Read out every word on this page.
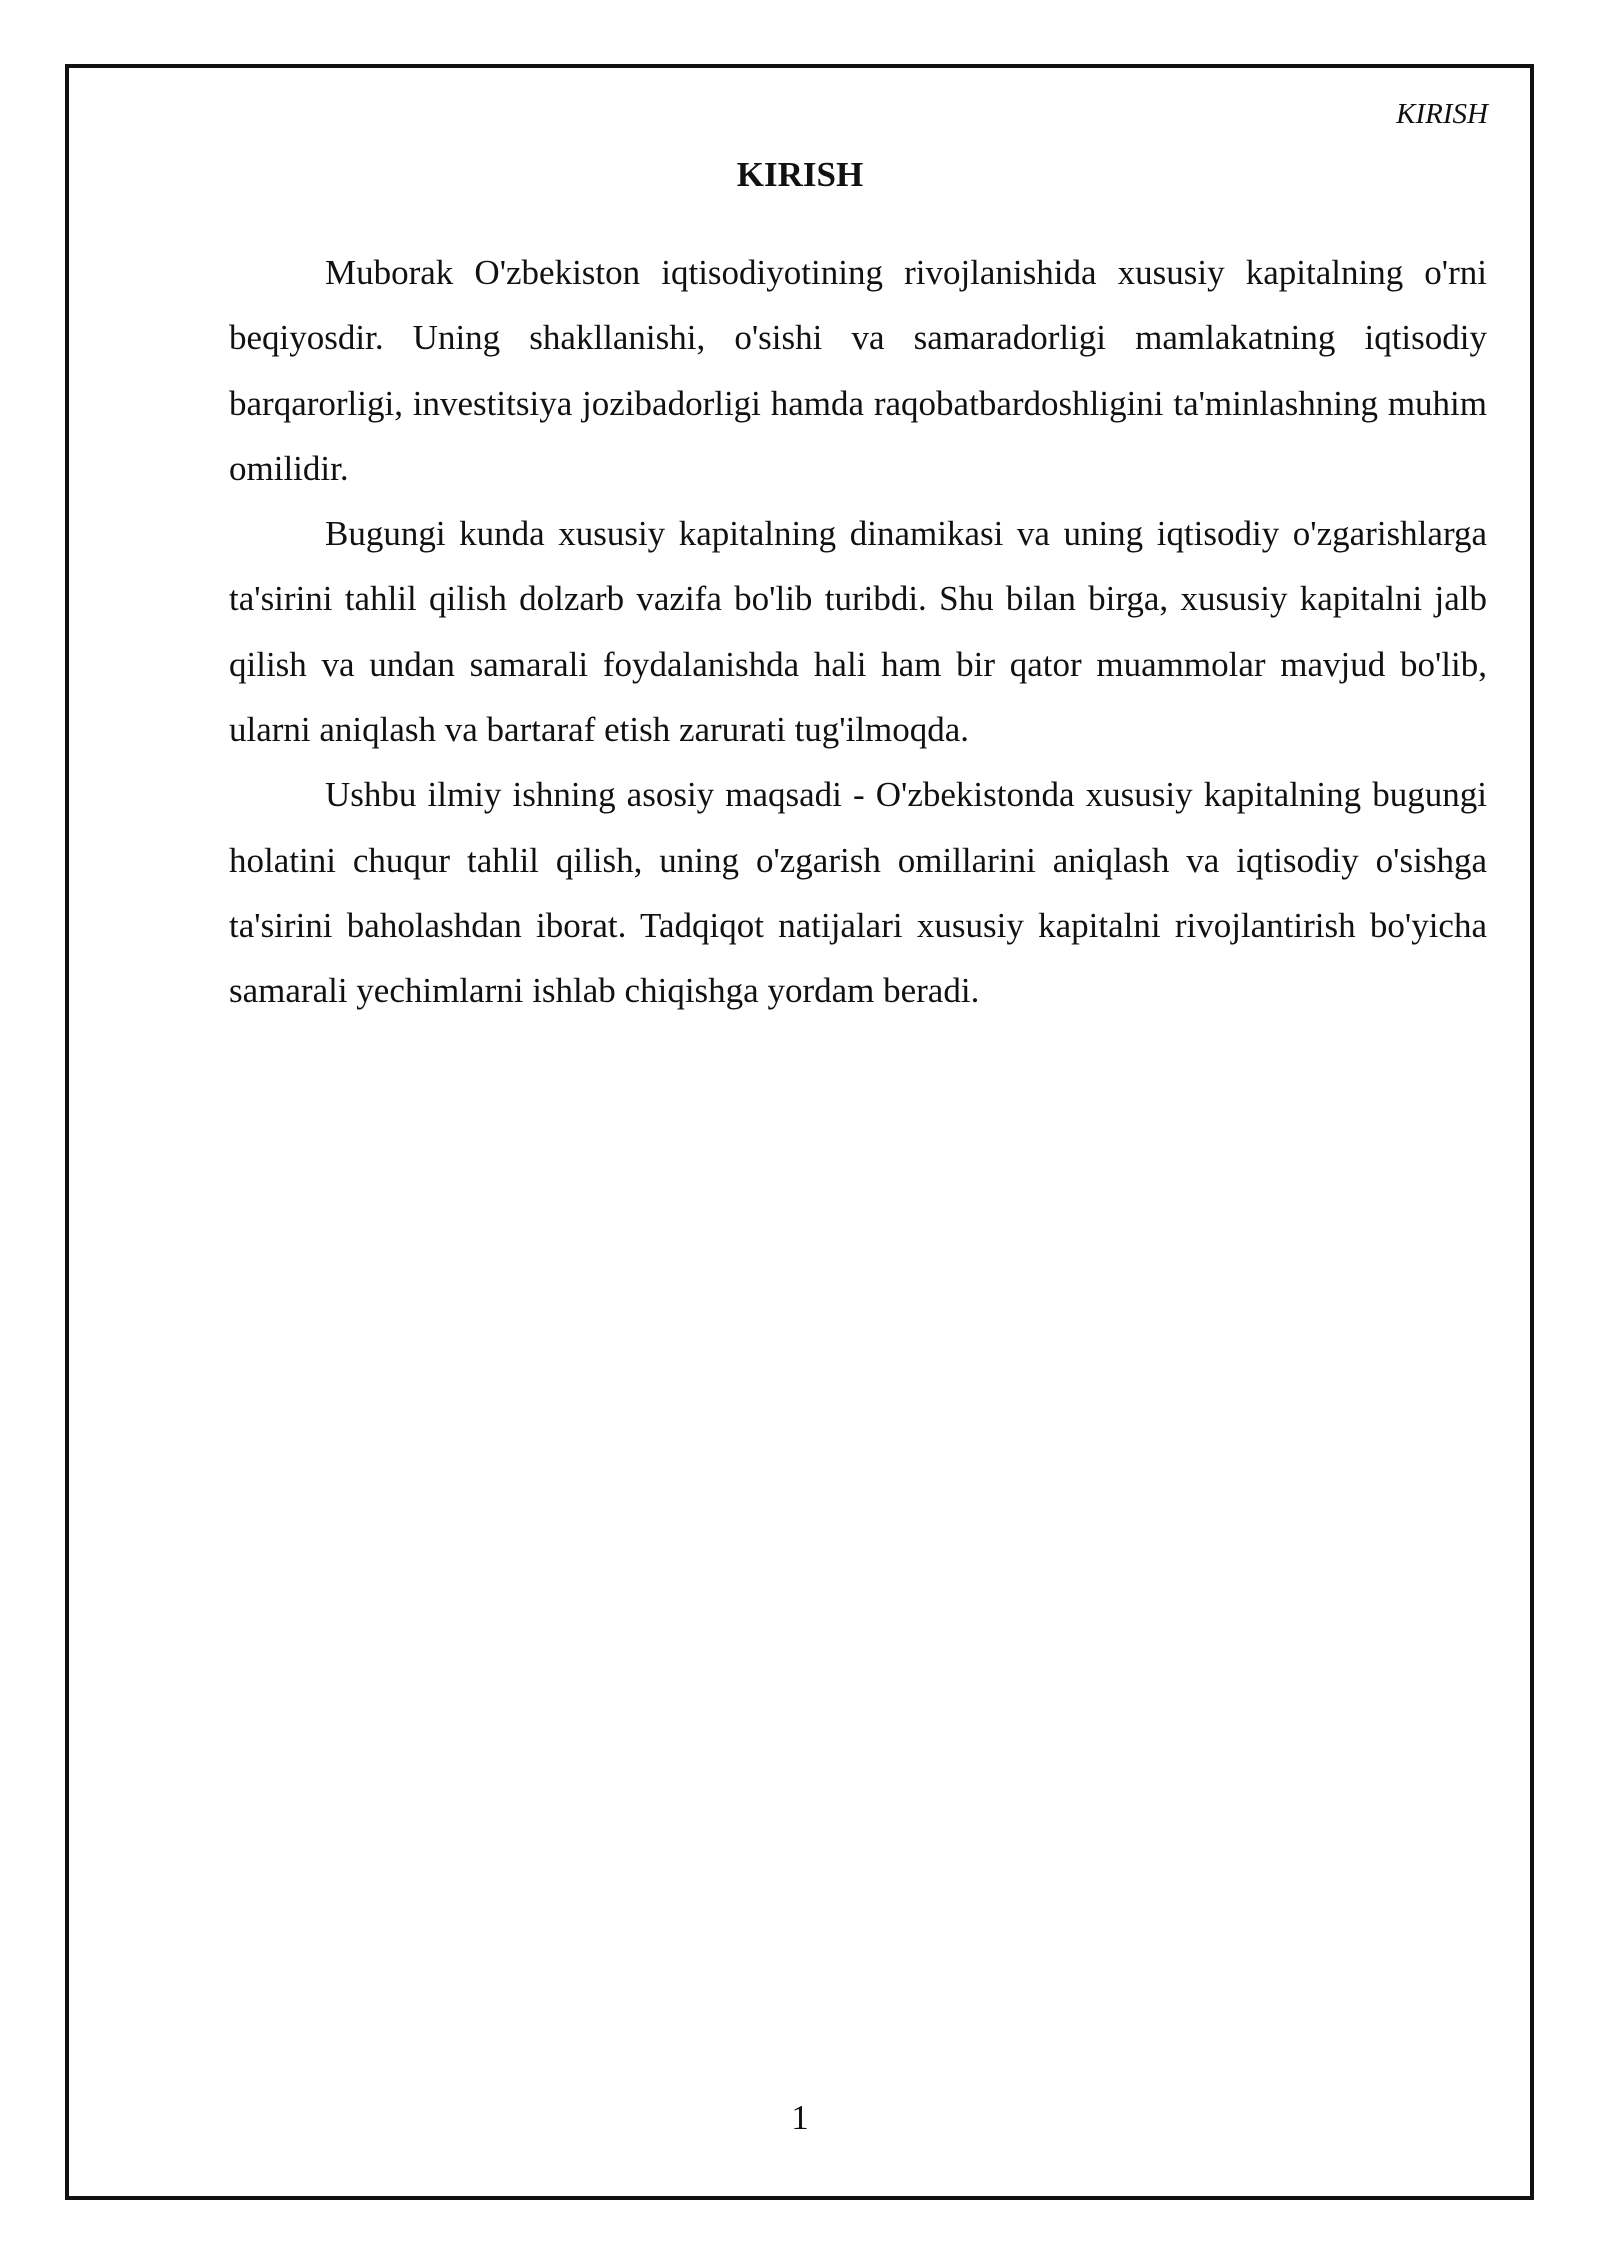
KIRISH
KIRISH

Muborak O'zbekiston iqtisodiyotining rivojlanishida xususiy kapitalning o'rni beqiyosdir. Uning shakllanishi, o'sishi va samaradorligi mamlakatning iqtisodiy barqarorligi, investitsiya jozibadorligi hamda raqobatbardoshligini ta'minlashning muhim omilidir.

Bugungi kunda xususiy kapitalning dinamikasi va uning iqtisodiy o'zgarishlarga ta'sirini tahlil qilish dolzarb vazifa bo'lib turibdi. Shu bilan birga, xususiy kapitalni jalb qilish va undan samarali foydalanishda hali ham bir qator muammolar mavjud bo'lib, ularni aniqlash va bartaraf etish zarurati tug'ilmoqda.

Ushbu ilmiy ishning asosiy maqsadi - O'zbekistonda xususiy kapitalning bugungi holatini chuqur tahlil qilish, uning o'zgarish omillarini aniqlash va iqtisodiy o'sishga ta'sirini baholashdan iborat. Tadqiqot natijalari xususiy kapitalni rivojlantirish bo'yicha samarali yechimlarni ishlab chiqishga yordam beradi.

1
